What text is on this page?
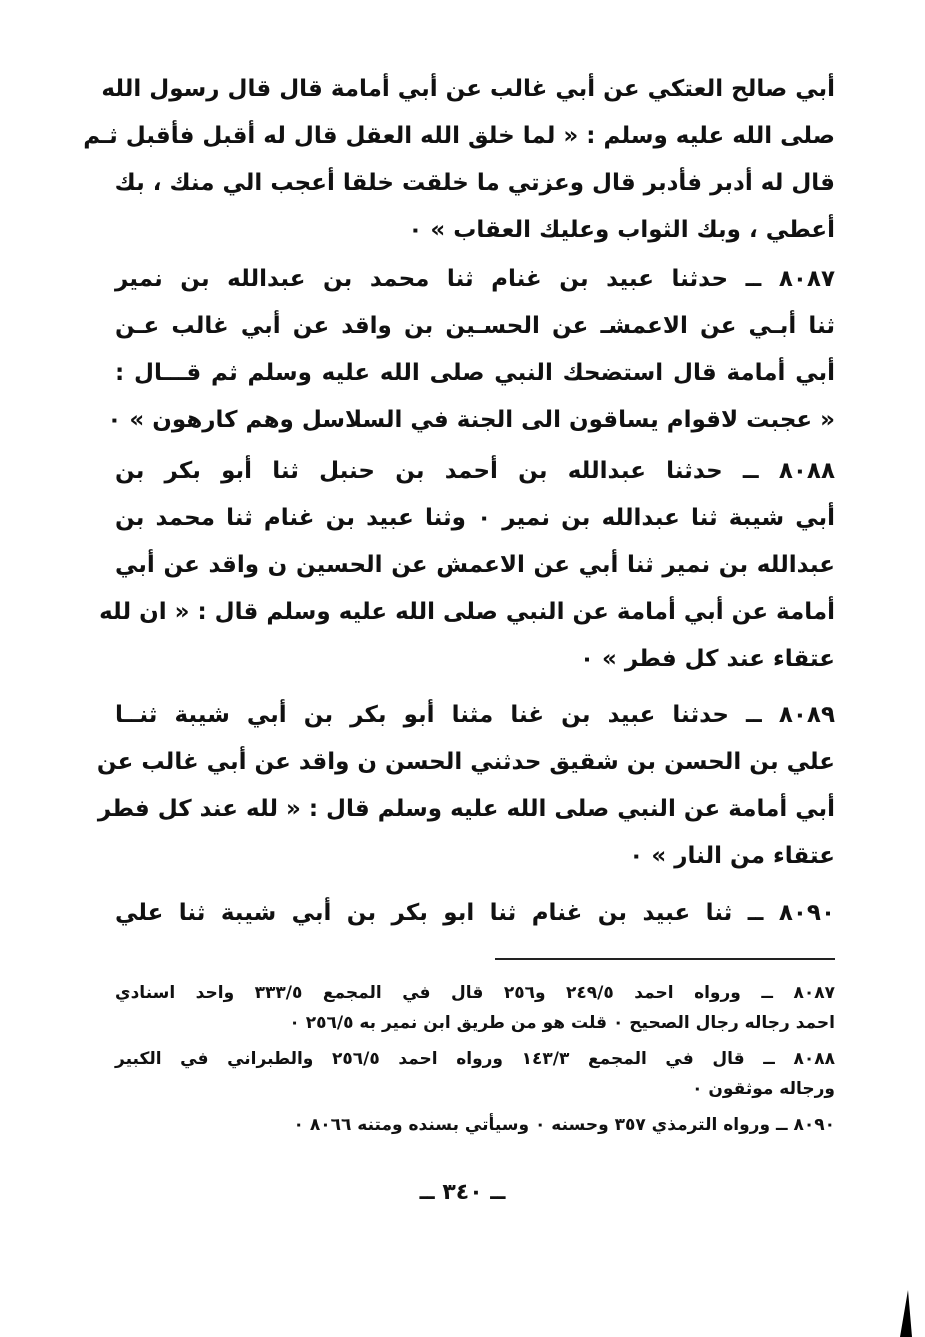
أبي صالح العتكي عن أبي غالب عن أبي أمامة قال قال رسول الله
صلى الله عليه وسلم : « لما خلق الله العقل قال له أقبل فأقبل ثـم
قال له أدبر فأدبر قال وعزتي ما خلقت خلقا أعجب الي منك ، بك
أعطي ، وبك الثواب وعليك العقاب » ٠
٨٠٨٧ ــ حدثنا عبيد بن غنام ثنا محمد بن عبدالله بن نمير
ثنا أبـي عن الاعمشـ عن الحسـين بن واقد عن أبي غالب عـن
أبي أمامة قال استضحك النبي صلى الله عليه وسلم ثم قـــال :
« عجبت لاقوام يساقون الى الجنة في السلاسل وهم كارهون » ٠
٨٠٨٨ ــ حدثنا عبدالله بن أحمد بن حنبل ثنا أبو بكر بن
أبي شيبة ثنا عبدالله بن نمير ٠ وثنا عبيد بن غنام ثنا محمد بن
عبدالله بن نمير ثنا أبي عن الاعمش عن الحسين ن واقد عن أبي
أمامة عن أبي أمامة عن النبي صلى الله عليه وسلم قال : « ان لله
عتقاء عند كل فطر » ٠
٨٠٨٩ ــ حدثنا عبيد بن غنا مثنا أبو بكر بن أبي شيبة ثنــا
علي بن الحسن بن شقيق حدثني الحسن ن واقد عن أبي غالب عن
أبي أمامة عن النبي صلى الله عليه وسلم قال : « لله عند كل فطر
عتقاء من النار » ٠
٨٠٩٠ ــ ثنا عبيد بن غنام ثنا ابو بكر بن أبي شيبة ثنا علي
٨٠٨٧ ــ ورواه احمد ٢٤٩/٥ و٢٥٦ قال في المجمع ٣٣٣/٥ واحد اسنادي
احمد رجاله رجال الصحيح ٠ قلت هو من طريق ابن نمير به ٢٥٦/٥ ٠
٨٠٨٨ ــ قال في المجمع ١٤٣/٣ ورواه احمد ٢٥٦/٥ والطبراني في الكبير
ورجاله موثقون ٠
٨٠٩٠ ــ ورواه الترمذي ٣٥٧ وحسنه ٠ وسيأتي بسنده ومتنه ٨٠٦٦ ٠
ــ ٣٤٠ ــ
